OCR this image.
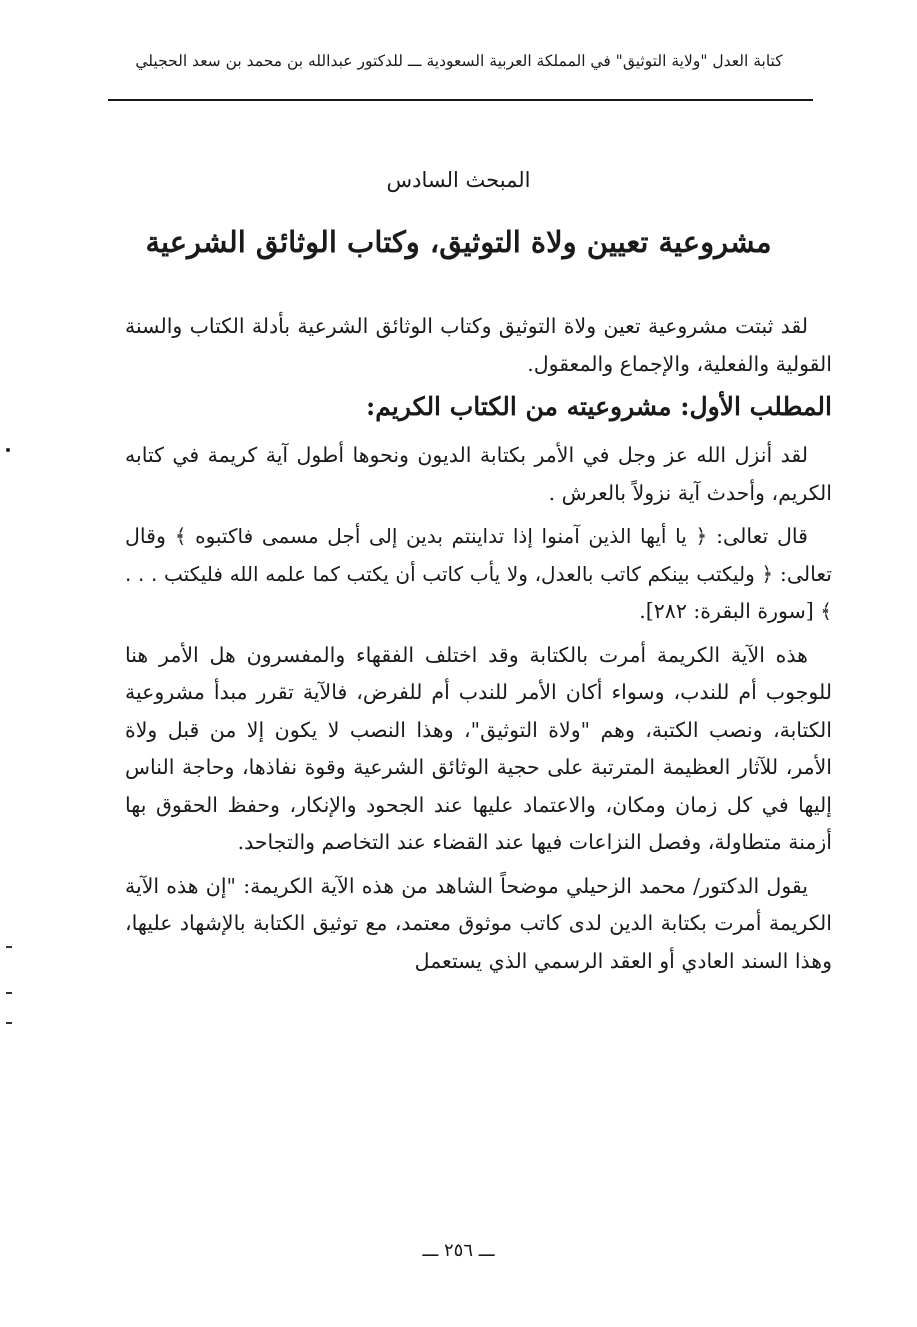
كتابة العدل "ولاية التوثيق" في المملكة العربية السعودية ـــ للدكتور عبدالله بن محمد بن سعد الحجيلي
المبحث السادس
مشروعية تعيين ولاة التوثيق، وكتاب الوثائق الشرعية

لقد ثبتت مشروعية تعين ولاة التوثيق وكتاب الوثائق الشرعية بأدلة الكتاب والسنة القولية والفعلية، والإجماع والمعقول.

المطلب الأول: مشروعيته من الكتاب الكريم:

لقد أنزل الله عز وجل في الأمر بكتابة الديون ونحوها أطول آية كريمة في كتابه الكريم، وأحدث آية نزولاً بالعرش .

قال تعالى: ﴿ يا أيها الذين آمنوا إذا تداينتم بدين إلى أجل مسمى فاكتبوه ﴾ وقال تعالى: ﴿ وليكتب بينكم كاتب بالعدل، ولا يأب كاتب أن يكتب كما علمه الله فليكتب . . . ﴾ [سورة البقرة: ٢٨٢].

هذه الآية الكريمة أمرت بالكتابة وقد اختلف الفقهاء والمفسرون هل الأمر هنا للوجوب أم للندب، وسواء أكان الأمر للندب أم للفرض، فالآية تقرر مبدأ مشروعية الكتابة، ونصب الكتبة، وهم "ولاة التوثيق"، وهذا النصب لا يكون إلا من قبل ولاة الأمر، للآثار العظيمة المترتبة على حجية الوثائق الشرعية وقوة نفاذها، وحاجة الناس إليها في كل زمان ومكان، والاعتماد عليها عند الجحود والإنكار، وحفظ الحقوق بها أزمنة متطاولة، وفصل النزاعات فيها عند القضاء عند التخاصم والتجاحد.

يقول الدكتور/ محمد الزحيلي موضحاً الشاهد من هذه الآية الكريمة: "إن هذه الآية الكريمة أمرت بكتابة الدين لدى كاتب موثوق معتمد، مع توثيق الكتابة بالإشهاد عليها، وهذا السند العادي أو العقد الرسمي الذي يستعمل

ـــ ٢٥٦ ـــ
